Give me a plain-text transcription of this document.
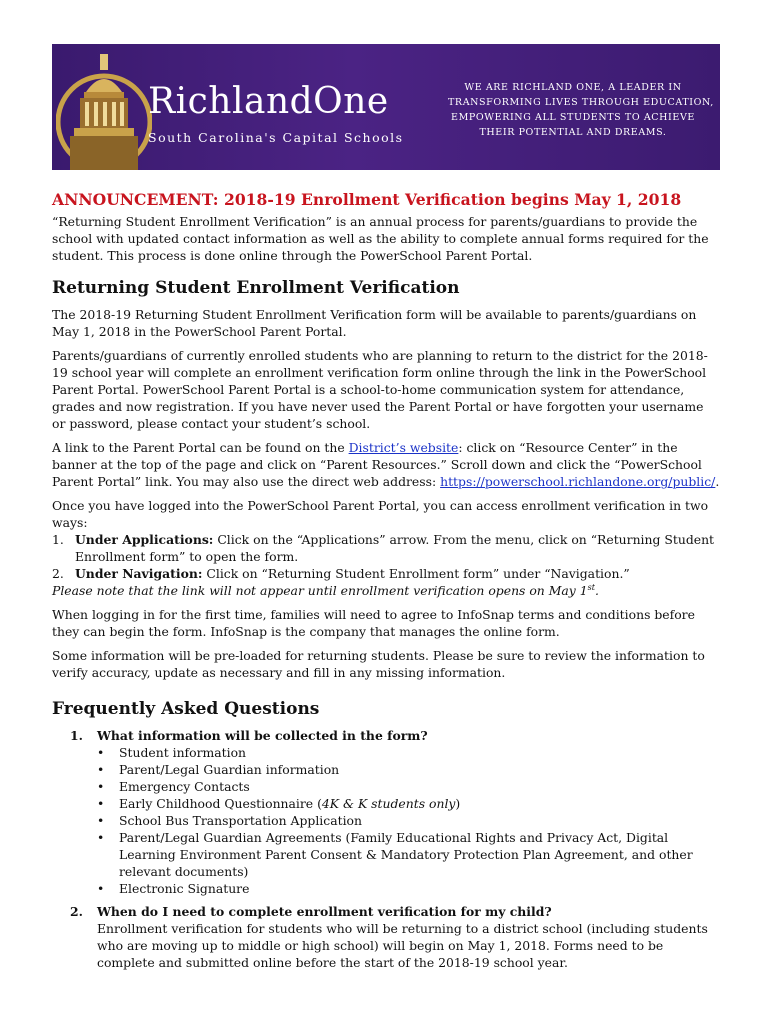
RichlandOne
South Carolina's Capital Schools
WE ARE RICHLAND ONE, A LEADER IN
TRANSFORMING LIVES THROUGH EDUCATION,
EMPOWERING ALL STUDENTS TO ACHIEVE
THEIR POTENTIAL AND DREAMS.
ANNOUNCEMENT: 2018-19 Enrollment Verification begins May 1, 2018

“Returning Student Enrollment Verification” is an annual process for parents/guardians to provide the school with updated contact information as well as the ability to complete annual forms required for the student. This process is done online through the PowerSchool Parent Portal.

Returning Student Enrollment Verification

The 2018-19 Returning Student Enrollment Verification form will be available to parents/guardians on May 1, 2018 in the PowerSchool Parent Portal.

Parents/guardians of currently enrolled students who are planning to return to the district for the 2018-19 school year will complete an enrollment verification form online through the link in the PowerSchool Parent Portal. PowerSchool Parent Portal is a school-to-home communication system for attendance, grades and now registration. If you have never used the Parent Portal or have forgotten your username or password, please contact your student’s school.

A link to the Parent Portal can be found on the District’s website: click on “Resource Center” in the banner at the top of the page and click on “Parent Resources.” Scroll down and click the “PowerSchool Parent Portal” link. You may also use the direct web address: https://powerschool.richlandone.org/public/.

Once you have logged into the PowerSchool Parent Portal, you can access enrollment verification in two ways:

1. Under Applications: Click on the “Applications” arrow. From the menu, click on “Returning Student Enrollment form” to open the form.
2. Under Navigation: Click on “Returning Student Enrollment form” under “Navigation.”
Please note that the link will not appear until enrollment verification opens on May 1st.

When logging in for the first time, families will need to agree to InfoSnap terms and conditions before they can begin the form. InfoSnap is the company that manages the online form.

Some information will be pre-loaded for returning students. Please be sure to review the information to verify accuracy, update as necessary and fill in any missing information.

Frequently Asked Questions
1.	What information will be collected in the form?
•	Student information
•	Parent/Legal Guardian information
•	Emergency Contacts
•	Early Childhood Questionnaire (4K & K students only)
•	School Bus Transportation Application
•	Parent/Legal Guardian Agreements (Family Educational Rights and Privacy Act, Digital Learning Environment Parent Consent & Mandatory Protection Plan Agreement, and other relevant documents)
•	Electronic Signature
2.	When do I need to complete enrollment verification for my child?
Enrollment verification for students who will be returning to a district school (including students who are moving up to middle or high school) will begin on May 1, 2018. Forms need to be complete and submitted online before the start of the 2018-19 school year.
